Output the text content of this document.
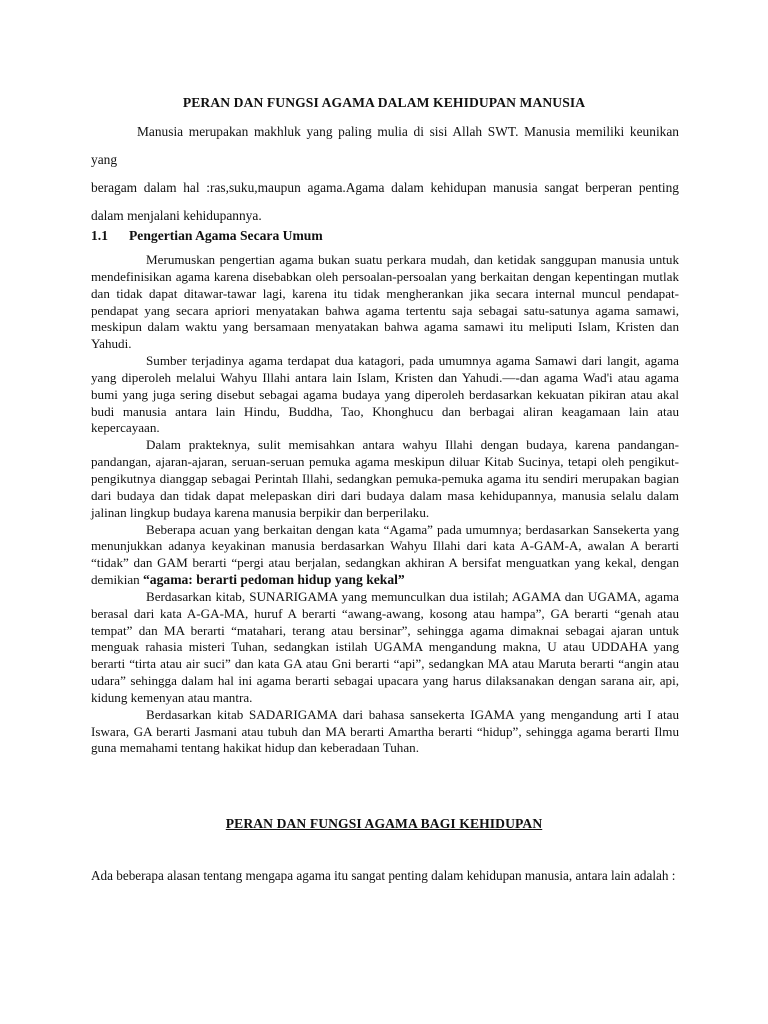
PERAN DAN FUNGSI AGAMA DALAM KEHIDUPAN MANUSIA

Manusia merupakan makhluk yang paling mulia di sisi Allah SWT. Manusia memiliki keunikan yang

beragam dalam hal :ras,suku,maupun agama.Agama dalam kehidupan manusia sangat berperan penting

dalam menjalani kehidupannya.

1.1 Pengertian Agama Secara Umum

Merumuskan pengertian agama bukan suatu perkara mudah, dan ketidak sanggupan manusia untuk mendefinisikan agama karena disebabkan oleh persoalan-persoalan yang berkaitan dengan kepentingan mutlak dan tidak dapat ditawar-tawar lagi, karena itu tidak mengherankan jika secara internal muncul pendapat-pendapat yang secara apriori menyatakan bahwa agama tertentu saja sebagai satu-satunya agama samawi, meskipun dalam waktu yang bersamaan menyatakan bahwa agama samawi itu meliputi Islam, Kristen dan Yahudi.

Sumber terjadinya agama terdapat dua katagori, pada umumnya agama Samawi dari langit, agama yang diperoleh melalui Wahyu Illahi antara lain Islam, Kristen dan Yahudi.—-dan agama Wad'i atau agama bumi yang juga sering disebut sebagai agama budaya yang diperoleh berdasarkan kekuatan pikiran atau akal budi manusia antara lain Hindu, Buddha, Tao, Khonghucu dan berbagai aliran keagamaan lain atau kepercayaan.

Dalam prakteknya, sulit memisahkan antara wahyu Illahi dengan budaya, karena pandangan-pandangan, ajaran-ajaran, seruan-seruan pemuka agama meskipun diluar Kitab Sucinya, tetapi oleh pengikut-pengikutnya dianggap sebagai Perintah Illahi, sedangkan pemuka-pemuka agama itu sendiri merupakan bagian dari budaya dan tidak dapat melepaskan diri dari budaya dalam masa kehidupannya, manusia selalu dalam jalinan lingkup budaya karena manusia berpikir dan berperilaku.

Beberapa acuan yang berkaitan dengan kata “Agama” pada umumnya; berdasarkan Sansekerta yang menunjukkan adanya keyakinan manusia berdasarkan Wahyu Illahi dari kata A-GAM-A, awalan A berarti “tidak” dan GAM berarti “pergi atau berjalan, sedangkan akhiran A bersifat menguatkan yang kekal, dengan demikian “agama: berarti pedoman hidup yang kekal”

Berdasarkan kitab, SUNARIGAMA yang memunculkan dua istilah; AGAMA dan UGAMA, agama berasal dari kata A-GA-MA, huruf A berarti “awang-awang, kosong atau hampa”, GA berarti “genah atau tempat” dan MA berarti “matahari, terang atau bersinar”, sehingga agama dimaknai sebagai ajaran untuk menguak rahasia misteri Tuhan, sedangkan istilah UGAMA mengandung makna, U atau UDDAHA yang berarti “tirta atau air suci” dan kata GA atau Gni berarti “api”, sedangkan MA atau Maruta berarti “angin atau udara” sehingga dalam hal ini agama berarti sebagai upacara yang harus dilaksanakan dengan sarana air, api, kidung kemenyan atau mantra.

Berdasarkan kitab SADARIGAMA dari bahasa sansekerta IGAMA yang mengandung arti I atau Iswara, GA berarti Jasmani atau tubuh dan MA berarti Amartha berarti “hidup”, sehingga agama berarti Ilmu guna memahami tentang hakikat hidup dan keberadaan Tuhan.

PERAN DAN FUNGSI AGAMA BAGI KEHIDUPAN
Ada beberapa alasan tentang mengapa agama itu sangat penting dalam kehidupan manusia, antara lain adalah :
